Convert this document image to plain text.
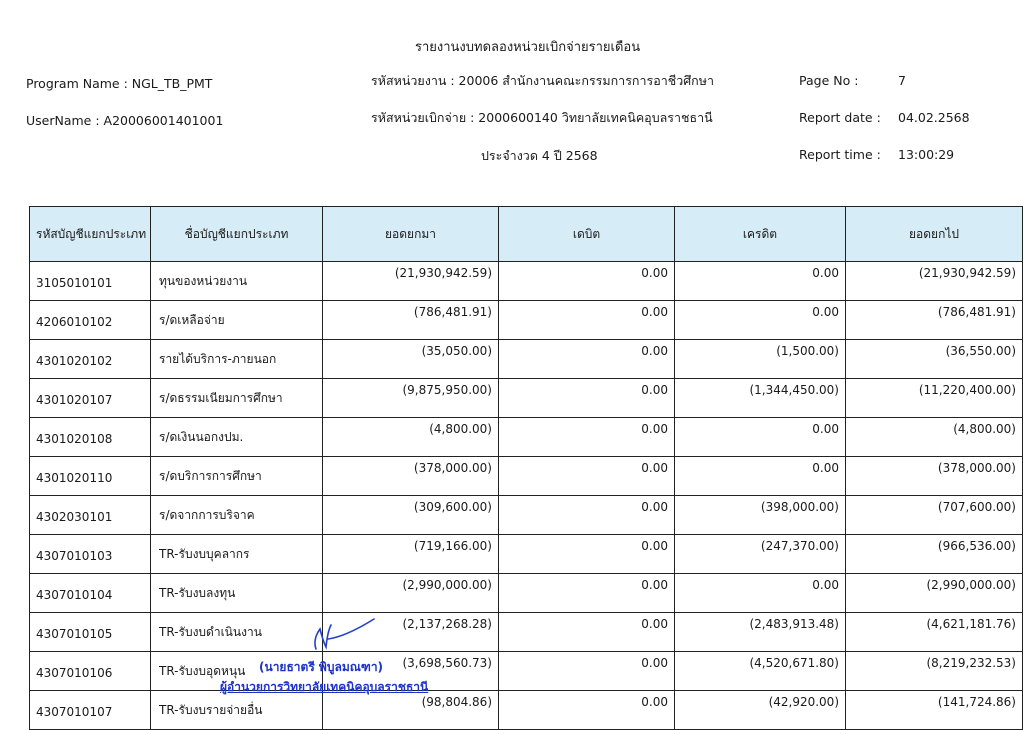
รายงานงบทดลองหน่วยเบิกจ่ายรายเดือน
Program Name : NGL_TB_PMT
UserName : A20006001401001
รหัสหน่วยงาน : 20006 สำนักงานคณะกรรมการการอาชีวศึกษา
รหัสหน่วยเบิกจ่าย : 2000600140 วิทยาลัยเทคนิคอุบลราชธานี
ประจำงวด 4 ปี 2568
Page No :	7
Report date : 04.02.2568
Report time : 13:00:29
รหัสบัญชีแยกประเภท	ชื่อบัญชีแยกประเภท	ยอดยกมา	เดบิต	เครดิต	ยอดยกไป
3105010101	ทุนของหน่วยงาน	(21,930,942.59)	0.00	0.00	(21,930,942.59)
4206010102	ร/ดเหลือจ่าย	(786,481.91)	0.00	0.00	(786,481.91)
4301020102	รายได้บริการ-ภายนอก	(35,050.00)	0.00	(1,500.00)	(36,550.00)
4301020107	ร/ดธรรมเนียมการศึกษา	(9,875,950.00)	0.00	(1,344,450.00)	(11,220,400.00)
4301020108	ร/ดเงินนอกงปม.	(4,800.00)	0.00	0.00	(4,800.00)
4301020110	ร/ดบริการการศึกษา	(378,000.00)	0.00	0.00	(378,000.00)
4302030101	ร/ดจากการบริจาค	(309,600.00)	0.00	(398,000.00)	(707,600.00)
4307010103	TR-รับงบบุคลากร	(719,166.00)	0.00	(247,370.00)	(966,536.00)
4307010104	TR-รับงบลงทุน	(2,990,000.00)	0.00	0.00	(2,990,000.00)
4307010105	TR-รับงบดำเนินงาน	(2,137,268.28)	0.00	(2,483,913.48)	(4,621,181.76)
4307010106	TR-รับงบอุดหนุน	(3,698,560.73)	0.00	(4,520,671.80)	(8,219,232.53)
4307010107	TR-รับงบรายจ่ายอื่น	(98,804.86)	0.00	(42,920.00)	(141,724.86)
(นายธาตรี พิบูลมณฑา)
ผู้อำนวยการวิทยาลัยเทคนิคอุบลราชธานี
